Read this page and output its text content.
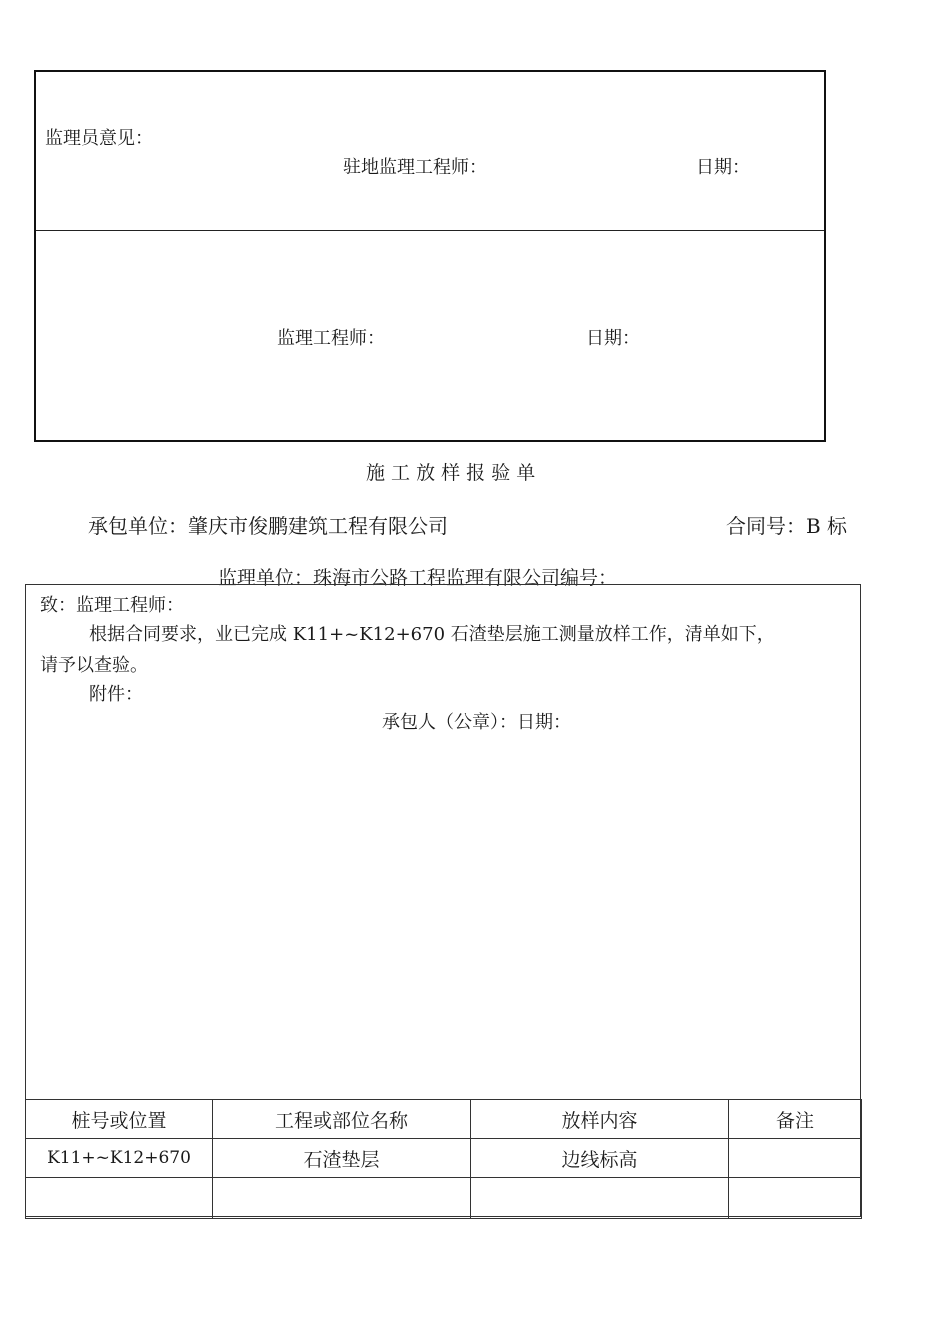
监理员意见：
驻地监理工程师：	日期：
监理工程师：	日期：
施 工 放 样 报 验 单
承包单位：肇庆市俊鹏建筑工程有限公司	合同号：B 标
监理单位：珠海市公路工程监理有限公司编号：
致：监理工程师：
根据合同要求，业已完成 K11+~K12+670 石渣垫层施工测量放样工作，清单如下，
请予以查验。
附件：
承包人（公章）：日期：
桩号或位置	工程或部位名称	放样内容	备注
K11+~K12+670	石渣垫层	边线标高	
